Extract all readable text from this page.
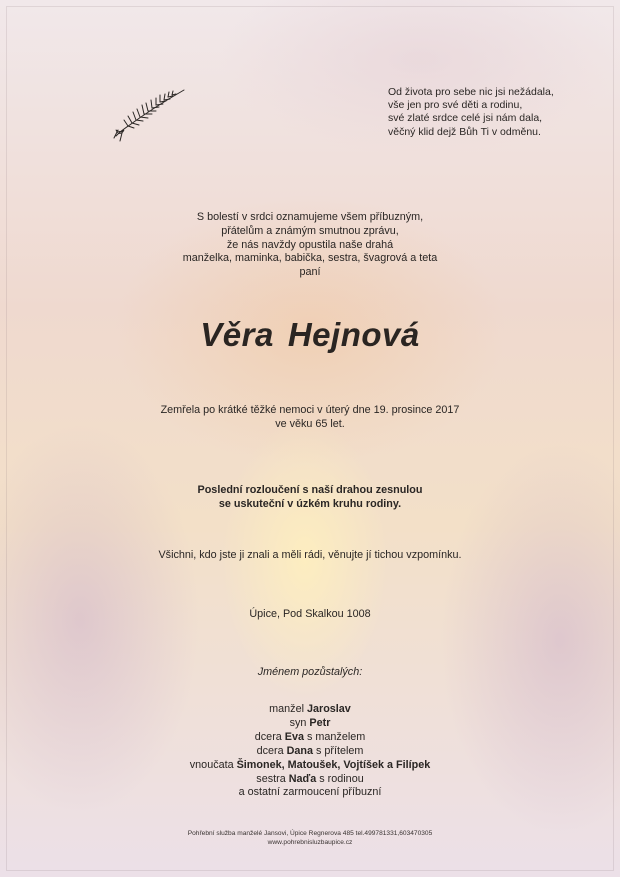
Od života pro sebe nic jsi nežádala,
vše jen pro své děti a rodinu,
své zlaté srdce celé jsi nám dala,
věčný klid dejž Bůh Ti v odměnu.
S bolestí v srdci oznamujeme všem příbuzným,
přátelům a známým smutnou zprávu,
že nás navždy opustila naše drahá
manželka, maminka, babička, sestra, švagrová a teta
paní
Věra Hejnová
Zemřela po krátké těžké nemoci v úterý dne 19. prosince 2017
ve věku 65 let.
Poslední rozloučení s naší drahou zesnulou
se uskuteční v úzkém kruhu rodiny.
Všichni, kdo jste ji znali a měli rádi, věnujte jí tichou vzpomínku.
Úpice, Pod Skalkou 1008
Jménem pozůstalých:
manžel Jaroslav
syn Petr
dcera Eva s manželem
dcera Dana s přítelem
vnoučata Šimonek, Matoušek, Vojtíšek a Filípek
sestra Naďa s rodinou
a ostatní zarmoucení příbuzní
Pohřební služba manželé Jansovi, Úpice Regnerova 485 tel.499781331,603470305
www.pohrebnisluzbaupice.cz
